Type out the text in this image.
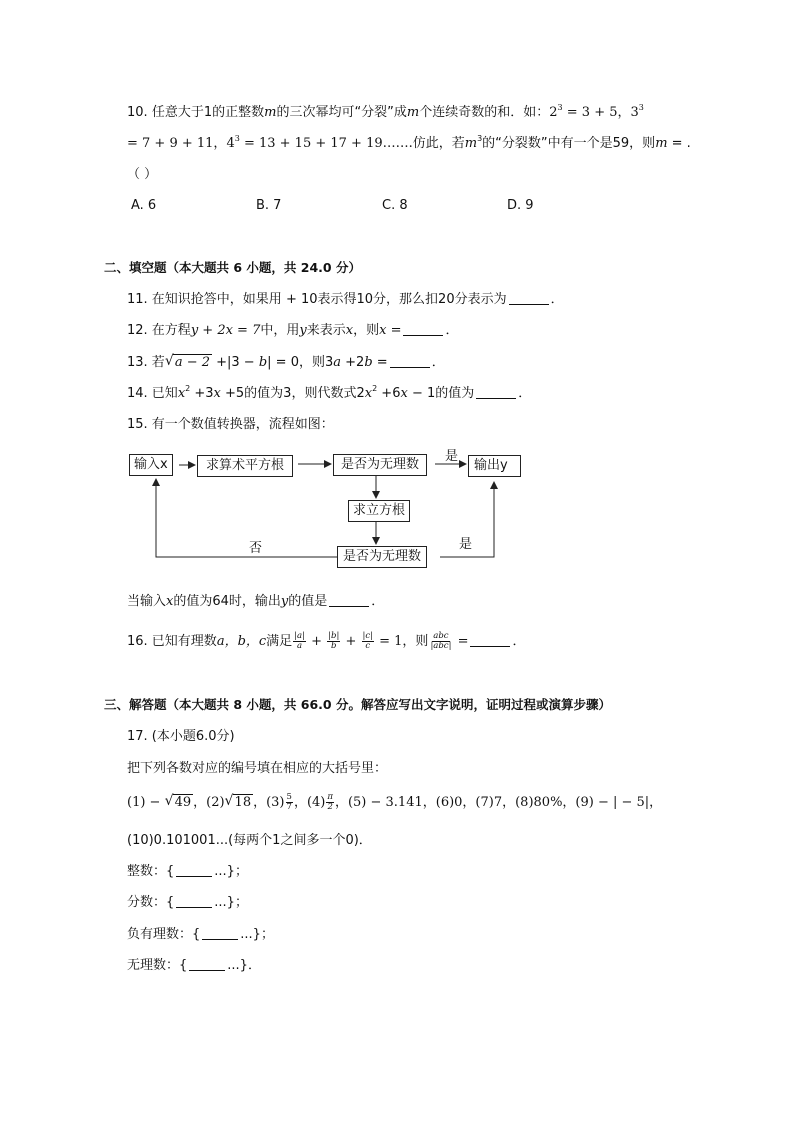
10. 任意大于1的正整数m的三次幂均可“分裂”成m个连续奇数的和．如：$2^3 = 3 + 5$，$3^3$
= 7 + 9 + 11，$4^3 = 13 + 15 + 17$ + 19…….仿此，若$m^3$的“分裂数”中有一个是59，则m = .
（ ）
A. 6	B. 7	C. 8	D. 9
二、填空题（本大题共 6 小题，共 24.0 分）
11. 在知识抢答中，如果用 + 10表示得10分，那么扣20分表示为	．
12. 在方程y + 2x = 7中，用y来表示x，则x =	．
13. 若 √ a − 2 +|3 − b| = 0，则3a +2b =	．
14. 已知$x^2 +3x +5$的值为3，则代数式$2x^2 +6x - 1$的值为	．
15. 有一个数值转换器，流程如图：
输入x	求算术平方根	是否为无理数	输出y
求立方根
是否为无理数
是
是
否
当输入x的值为64时，输出y的值是	．
16. 已知有理数a，b，c满足 $\frac{|a|}{a} + \frac{|b|}{b} + \frac{|c|}{c} = 1$，则 $\frac{\text{abc}}{\text{|abc|}}$ =	．
三、解答题（本大题共 8 小题，共 66.0 分。解答应写出文字说明，证明过程或演算步骤）
17. (本小题6.0分)
把下列各数对应的编号填在相应的大括号里：
(1) − √ 49 ，(2) √ 18 ，$(3) \frac{5}{7}$ ，$(4) \frac{\pi}{2}$ ，(5) − 3.141，(6)0，(7)7，(8)80%，(9) − | − 5|，
(10)0.101001...(每两个1之间多一个0)．
整数：{	...}；
分数：{	...}；
负有理数：{	...}；
无理数：{	...}．
